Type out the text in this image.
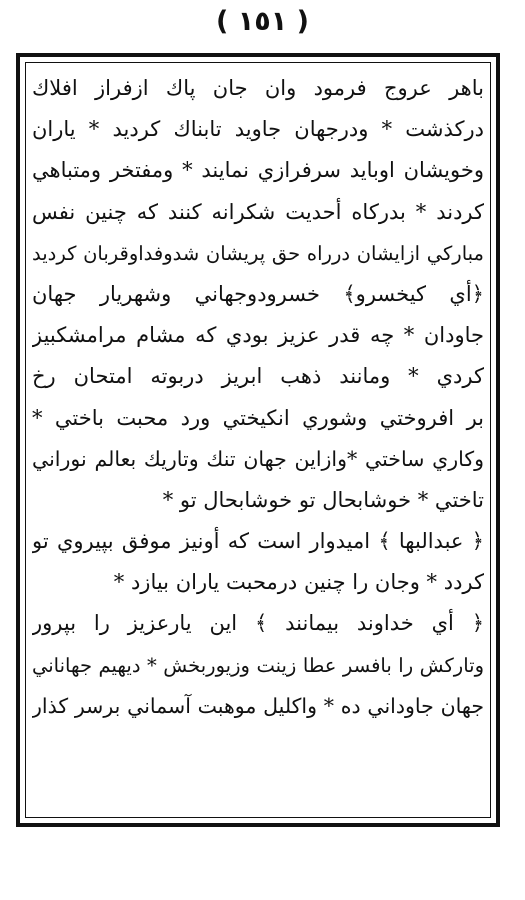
( ١٥١ )
باهر عروج فرمود وان جان پاك ازفراز افلاك
دركذشت * ودرجهان جاويد تابناك كرديد * ياران
وخويشان اوبايد سرفرازي نمايند * ومفتخر ومتباهي
كردند * بدركاه أحديت شكرانه كنند كه چنين نفس
مباركي ازايشان درراه حق پريشان شدوفداوقربان كرديد
﴿أي كيخسرو﴾ خسرودوجهاني وشهريار جهان
جاودان * چه قدر عزيز بودي كه مشام مرامشكبيز
كردي * ومانند ذهب ابريز دربوته امتحان رخ
بر افروختي وشوري انكيختي ورد محبت باختي *
وكاري ساختي *وازاين جهان تنك وتاريك بعالم نوراني
تاختي * خوشابحال تو خوشابحال تو *
﴿ عبدالبها ﴾ اميدوار است كه أونيز موفق بپيروي تو
كردد * وجان را چنين درمحبت ياران بيازد *
﴿ أي خداوند بيمانند ﴾ اين يارعزيز را بپرور
وتاركش را بافسر عطا زينت وزيوربخش * ديهيم جهاناني
جهان جاوداني ده * واكليل موهبت آسماني برسر كذار
